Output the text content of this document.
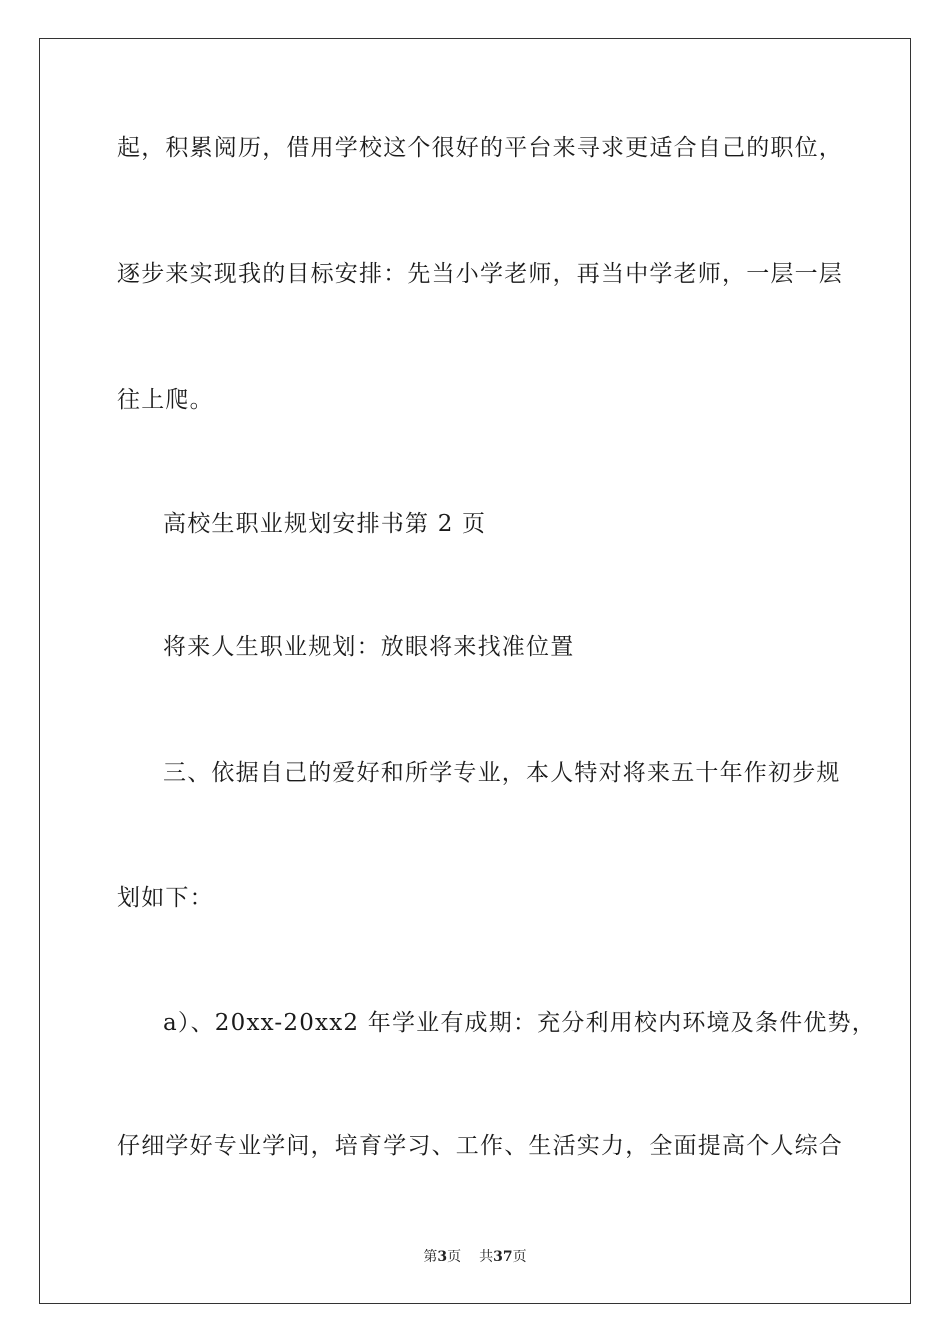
起，积累阅历，借用学校这个很好的平台来寻求更适合自己的职位，
逐步来实现我的目标安排：先当小学老师，再当中学老师，一层一层
往上爬。
高校生职业规划安排书第 2 页
将来人生职业规划：放眼将来找准位置
三、依据自己的爱好和所学专业，本人特对将来五十年作初步规
划如下：
a）、20xx-20xx2 年学业有成期：充分利用校内环境及条件优势，
仔细学好专业学问，培育学习、工作、生活实力，全面提高个人综合
第3页 共37页
